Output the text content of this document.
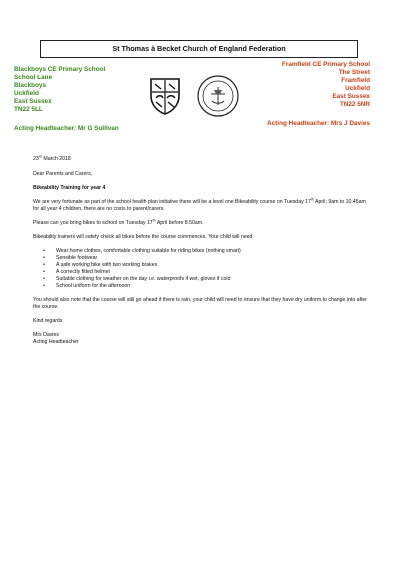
St Thomas à Becket Church of England Federation
Blackboys CE Primary School
School Lane
Blackboys
Uckfield
East Sussex
TN22 5LL
Acting Headteacher: Mr G Sullivan
Framfield CE Primary School
The Street
Framfield
Uckfield
East Sussex
TN22 5NR
Acting Headteacher: Mrs J Davies

23rd March 2018

Dear Parents and Carers,

Bikeability Training for year 4

We are very fortunate as part of the school health plan initiative there will be a level one Bikeability course on Tuesday 17th April; 9am to 10.45am for all year 4 children, there are no costs to parent/carers.

Please can you bring bikes to school on Tuesday 17th April before 8.50am.

Bikeability trainers will safety check all bikes before the course commences. Your child will need

• Wear home clothes, comfortable clothing suitable for riding bikes (nothing smart)
• Sensible footwear
• A safe working bike with two working brakes
• A correctly fitted helmet
• Suitable clothing for weather on the day i.e. waterproofs if wet, gloves if cold
• School uniform for the afternoon

You should also note that the course will still go ahead if there is rain, your child will need to ensure that they have dry uniform to change into after the course.

Kind regards

Mrs Davies

Acting Headteacher
